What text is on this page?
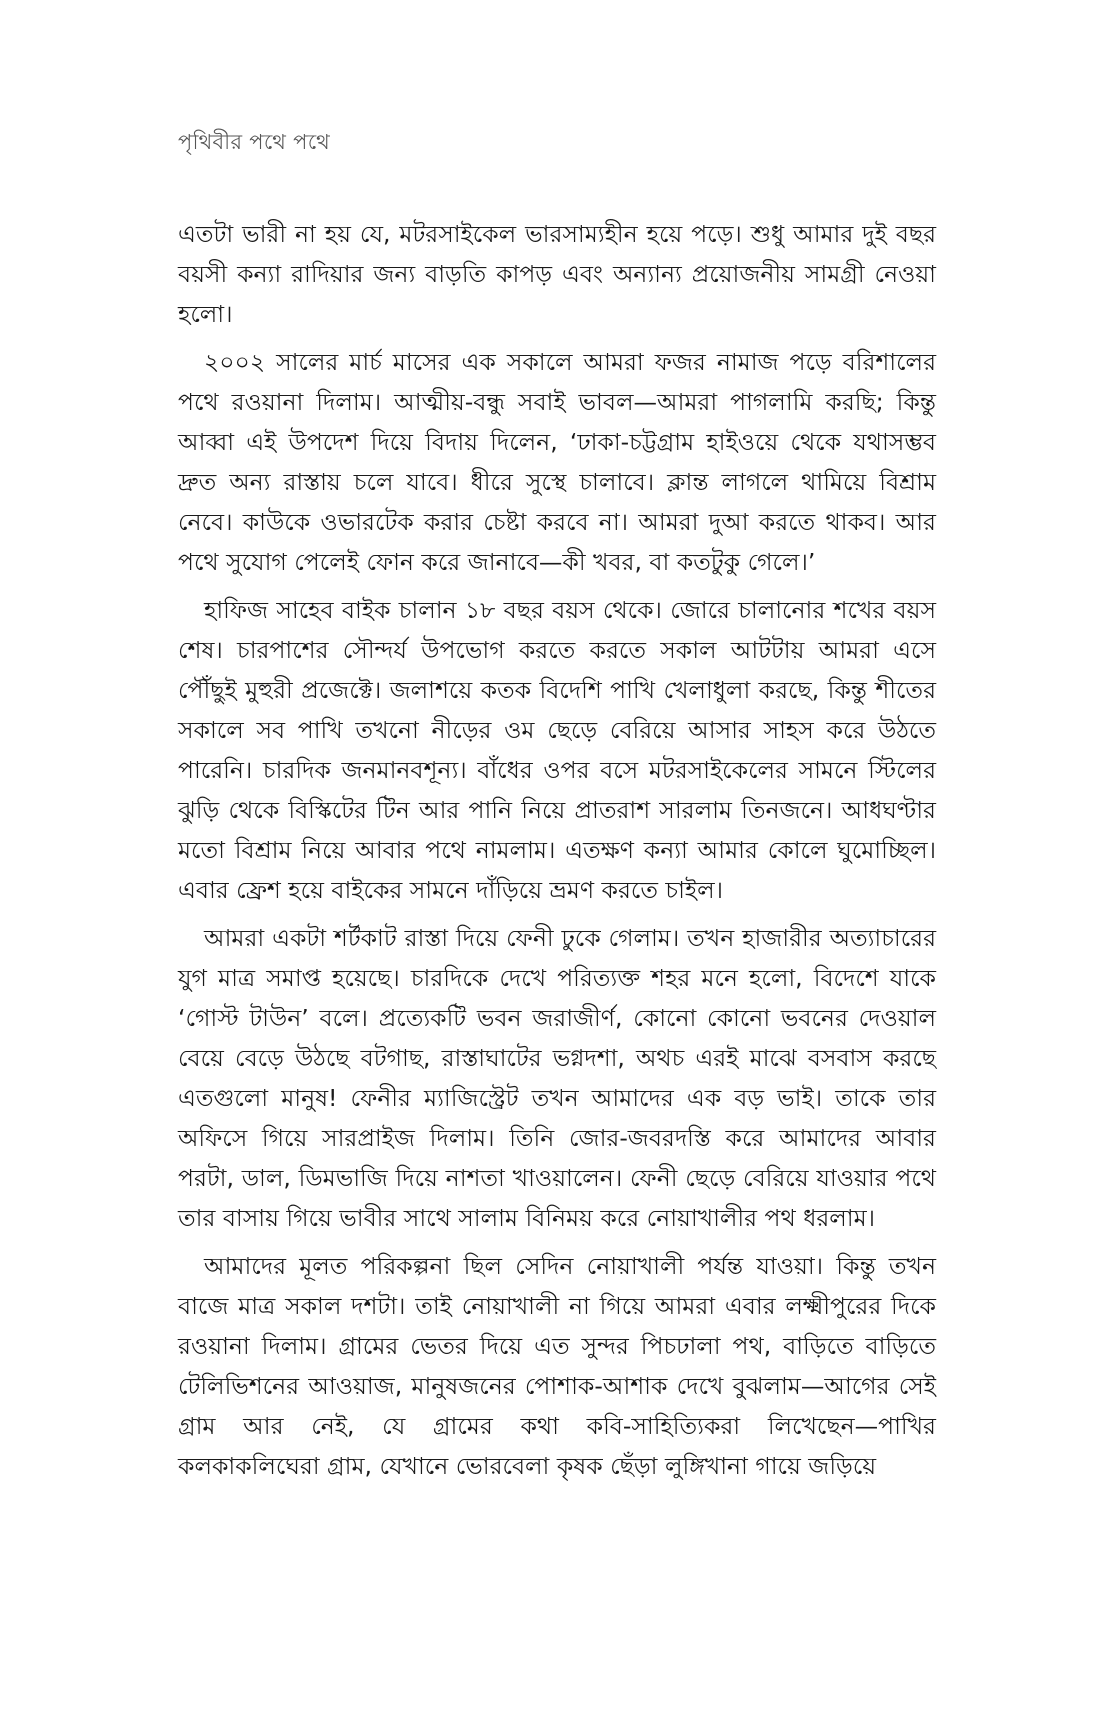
পৃথিবীর পথে পথে

এতটা ভারী না হয় যে, মটরসাইকেল ভারসাম্যহীন হয়ে পড়ে। শুধু আমার দুই বছর বয়সী কন্যা রাদিয়ার জন্য বাড়তি কাপড় এবং অন্যান্য প্রয়োজনীয় সামগ্রী নেওয়া হলো।

২০০২ সালের মার্চ মাসের এক সকালে আমরা ফজর নামাজ পড়ে বরিশালের পথে রওয়ানা দিলাম। আত্মীয়-বন্ধু সবাই ভাবল—আমরা পাগলামি করছি; কিন্তু আব্বা এই উপদেশ দিয়ে বিদায় দিলেন, ‘ঢাকা-চট্টগ্রাম হাইওয়ে থেকে যথাসম্ভব দ্রুত অন্য রাস্তায় চলে যাবে। ধীরে সুস্থে চালাবে। ক্লান্ত লাগলে থামিয়ে বিশ্রাম নেবে। কাউকে ওভারটেক করার চেষ্টা করবে না। আমরা দুআ করতে থাকব। আর পথে সুযোগ পেলেই ফোন করে জানাবে—কী খবর, বা কতটুকু গেলে।’

হাফিজ সাহেব বাইক চালান ১৮ বছর বয়স থেকে। জোরে চালানোর শখের বয়স শেষ। চারপাশের সৌন্দর্য উপভোগ করতে করতে সকাল আটটায় আমরা এসে পৌঁছুই মুহুরী প্রজেক্টে। জলাশয়ে কতক বিদেশি পাখি খেলাধুলা করছে, কিন্তু শীতের সকালে সব পাখি তখনো নীড়ের ওম ছেড়ে বেরিয়ে আসার সাহস করে উঠতে পারেনি। চারদিক জনমানবশূন্য। বাঁধের ওপর বসে মটরসাইকেলের সামনে স্টিলের ঝুড়ি থেকে বিস্কিটের টিন আর পানি নিয়ে প্রাতরাশ সারলাম তিনজনে। আধঘণ্টার মতো বিশ্রাম নিয়ে আবার পথে নামলাম। এতক্ষণ কন্যা আমার কোলে ঘুমোচ্ছিল। এবার ফ্রেশ হয়ে বাইকের সামনে দাঁড়িয়ে ভ্রমণ করতে চাইল।

আমরা একটা শর্টকাট রাস্তা দিয়ে ফেনী ঢুকে গেলাম। তখন হাজারীর অত্যাচারের যুগ মাত্র সমাপ্ত হয়েছে। চারদিকে দেখে পরিত্যক্ত শহর মনে হলো, বিদেশে যাকে ‘গোস্ট টাউন’ বলে। প্রত্যেকটি ভবন জরাজীর্ণ, কোনো কোনো ভবনের দেওয়াল বেয়ে বেড়ে উঠছে বটগাছ, রাস্তাঘাটের ভগ্নদশা, অথচ এরই মাঝে বসবাস করছে এতগুলো মানুষ! ফেনীর ম্যাজিস্ট্রেট তখন আমাদের এক বড় ভাই। তাকে তার অফিসে গিয়ে সারপ্রাইজ দিলাম। তিনি জোর-জবরদস্তি করে আমাদের আবার পরটা, ডাল, ডিমভাজি দিয়ে নাশতা খাওয়ালেন। ফেনী ছেড়ে বেরিয়ে যাওয়ার পথে তার বাসায় গিয়ে ভাবীর সাথে সালাম বিনিময় করে নোয়াখালীর পথ ধরলাম।

আমাদের মূলত পরিকল্পনা ছিল সেদিন নোয়াখালী পর্যন্ত যাওয়া। কিন্তু তখন বাজে মাত্র সকাল দশটা। তাই নোয়াখালী না গিয়ে আমরা এবার লক্ষ্মীপুরের দিকে রওয়ানা দিলাম। গ্রামের ভেতর দিয়ে এত সুন্দর পিচঢালা পথ, বাড়িতে বাড়িতে টেলিভিশনের আওয়াজ, মানুষজনের পোশাক-আশাক দেখে বুঝলাম—আগের সেই গ্রাম আর নেই, যে গ্রামের কথা কবি-সাহিত্যিকরা লিখেছেন—পাখির কলকাকলিঘেরা গ্রাম, যেখানে ভোরবেলা কৃষক ছেঁড়া লুঙ্গিখানা গায়ে জড়িয়ে
